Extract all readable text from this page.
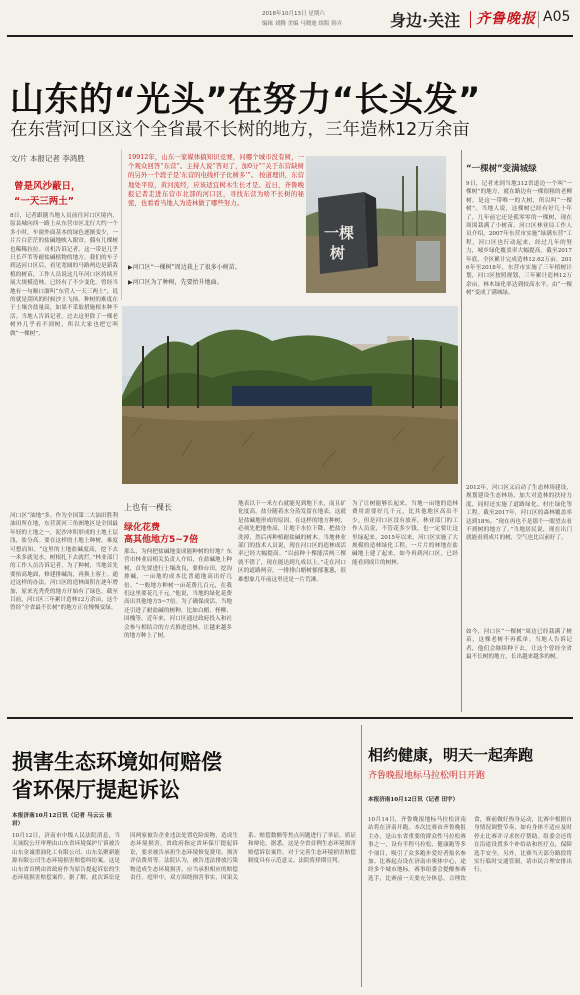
2018年10月13日 星期六
编辑 刘腾 美编 马晓迪 组版 韩卉	身边·关注 齐鲁晚报 A05
山东的“光头”在努力“长头发”
在东营河口区这个全省最不长树的地方，三年造林12万余亩
文/片 本报记者 李鸿胜
曾是风沙蔽日，
“一天三两土”
19912年，山东一家媒体搞知识竞赛，问哪个城市没有树，一个观众回答“东营”。主持人说“答对了，加0分”“关于东营缺树的另外一个段子是‘东营的电线杆子比树多’”。 按道理讲，东营地处平原，黄河流经，应该适宜树木生长才是。近日，齐鲁晚报记者走进东营市北部的河口区，寻找东营为啥不长树的秘密，也看看当地人为造林做了哪些努力。
▶河口区“一棵树”周边栽上了很多小树苗。
▶河口区为了种树，先要抬升地面。
一棵
树
8日，记者跟随当地人员前往河口区境内，原县城向西一路上从东营市区北行大约一个多小时，车窗外面基本的绿色逐渐变少，一片片白茫茫的盐碱地映入眼帘。偶有几棵树也稀稀拉拉。司机告诉记者，这一带是几乎只长芦苇等耐盐碱植物的地方。我们的车子到达河口区后，看见宽阔的马路两边是新栽植的树苗，工作人员说这几年河口区持续开展大规模造林，已经有了不少变化。曾经当地有一句顺口溜叫“东营人一天三两土”，说的就是刮风的时候沙土飞扬。种树的难度在于土壤含盐量高，如果不采取措施根本种不活。当地人告诉记者，过去这里除了一棵老树外几乎看不到树，所以大家也把它叫做“一棵树”。
河口区“油地”多。作为全国第二大油田胜利油田所在地，东营黄河三角洲地区是全国最年轻的土地之一，泥沙冲积形成的土地土层浅，盐分高。要在这样的土地上种树，难度可想而知。“这里的土地盐碱度高，挖下去一米多就见水，树根扎下去就烂。”林业部门的工作人员告诉记者，为了种树，当地首先要抬高地面，修建排碱沟，再换上客土。通过这样的办法，河口区的造林面积在逐年增加，原来光秃秃的地方开始有了绿色。截至目前，河口区三年累计造林12万余亩，这个曾经“全省最不长树”的地方正在慢慢变绿。
上也有一棵长
绿化花费
高其他地方5~7倍
那么，为何把盐碱地变成能种树的好地？东营市林业局相关负责人介绍，在盐碱地上种树，首先要进行土壤改良，要修台田，挖沟排碱，一亩地的成本比普通地高出好几倍。“一般地方种树一亩花费几百元，在我们这里要花几千元。”他说，当地的绿化花费高出其他地方5~7倍。为了确保成活，当地还引进了耐盐碱的树种，比如白蜡、柽柳、国槐等。近年来，河口区通过政府投入和社会参与相结合的方式推进造林，让越来越多的地方种上了树。
地表以下一米左右就能见到地下水，而且矿化度高，盐分随着水分蒸发留在地表，这就是盐碱地形成的原因。在这样的地方种树，必须先把地垫高，让地下水位下降，把盐分洗掉，然后再种植耐盐碱的树木。当地林业部门的技术人员说，现在河口区的造林成活率已经大幅提高。“以前种十棵能活两三棵就不错了，现在能达到九成以上。”走在河口区的道路两旁，一排排白蜡树郁郁葱葱，很难想象几年前这里还是一片荒滩。
为了让树能够长起来，当地一亩地的造林费用需要好几千元，比其他地区高出不少。但是河口区没有放弃，林业部门的工作人员说，不管花多少钱，也一定要让这里绿起来。2015年以来，河口区实施了大规模的造林绿化工程，一片片的林地在盐碱地上建了起来。如今再到河口区，已经能看到成片的树林。
“一棵树”变满城绿
9日，记者来到当地312省道边一个叫“一棵树”的地方，就在路边有一棵很粗的老柳树，是这一带唯一的大树，所以叫“一棵树”。当地人说，这棵树已经有好几十年了，几年前它还是孤零零的一棵树，现在周围栽满了小树苗。河口区林业局工作人员介绍，2007年东营市实施“绿满东营”工程，河口区也行动起来，经过几年的努力，城乡绿化覆盖率大幅提高。截至2017年底，全区累计完成造林12.62万亩。2016年至2018年，东营市实施了三年植树计划，河口区按照规划，三年累计造林12万余亩，林木绿化率达到较高水平，由“一棵树”变成了满城绿。
2012年，河口区又启动了生态林场建设，规划建设生态林场，加大对造林的扶持力度，同时还实施了道路绿化、村庄绿化等工程。截至2017年，河口区的森林覆盖率达到18%。“现在再也不是那个一眼望去看不到树的地方了。”当地居民说，现在出门就能看到成片的树，空气也比以前好了。
如今，河口区“一棵树”周边已经栽满了树苗，这棵老树不再孤单。当地人告诉记者，他们会继续种下去，让这个曾经全省最不长树的地方，长出越来越多的树。
损害生态环境如何赔偿
省环保厅提起诉讼
本报济南10月12日讯（记者 马云云 崔岩）
10月12日，济南市中级人民法院消息，当天该院公开审理由山东省环境保护厅诉被告山东金诚重油化工有限公司、山东弘聚新能源有限公司生态环境损害赔偿纠纷案。这是山东省首例由省政府作为原告提起诉讼的生态环境损害赔偿案件。据了解，此次诉讼是因两家被告企业违法处置危险废物，造成生态环境损害，省政府指定省环保厅提起诉讼，要求被告承担生态环境修复费用、损害评估费用等。法院认为，被告违法排放污染物造成生态环境损害，应当承担相应的赔偿责任。庭审中，双方围绕损害事实、因果关系、赔偿数额等焦点问题进行了举证、质证和辩论。据悉，这是全省首例生态环境损害赔偿诉讼案件，对于完善生态环境损害赔偿制度具有示范意义。法院将择期宣判。
相约健康，明天一起奔跑
齐鲁晚报地标马拉松明日开跑
本报济南10月12日讯（记者 田宇）
10月14日，齐鲁晚报地标马拉松济南站将在济南开跑。本次比赛由齐鲁晚报主办，是山东省重要的群众性马拉松赛事之一，设有半程马拉松、健康跑等多个项目，吸引了众多跑步爱好者报名参加。比赛起点设在济南市奥体中心，途经多个城市地标。赛事组委会提醒参赛选手，比赛前一天要充分休息，合理饮食，赛前做好热身运动，比赛中根据自身情况调整节奏，如有身体不适应及时停止比赛并寻求医疗帮助。组委会还将在沿途设置多个补给站和医疗点，保障选手安全。另外，比赛当天部分路段将实行临时交通管制，请市民合理安排出行。
